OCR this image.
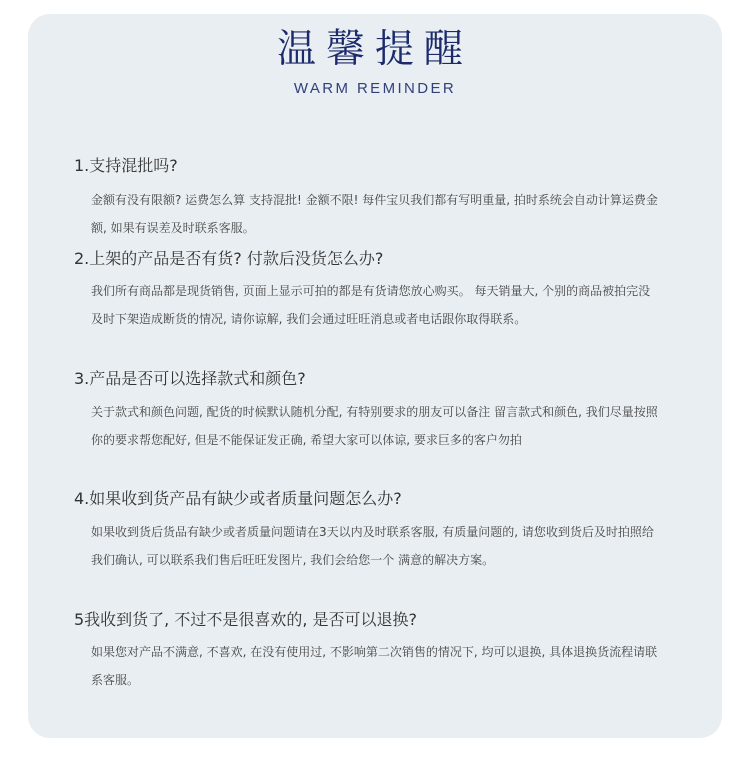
温馨提醒
WARM REMINDER
1.支持混批吗?
金额有没有限额? 运费怎么算 支持混批! 金额不限! 每件宝贝我们都有写明重量, 拍时系统会自动计算运费金额, 如果有误差及时联系客服。
2.上架的产品是否有货? 付款后没货怎么办?
我们所有商品都是现货销售, 页面上显示可拍的都是有货请您放心购买。 每天销量大, 个别的商品被拍完没及时下架造成断货的情况, 请你谅解, 我们会通过旺旺消息或者电话跟你取得联系。
3.产品是否可以选择款式和颜色?
关于款式和颜色问题, 配货的时候默认随机分配, 有特别要求的朋友可以备注 留言款式和颜色, 我们尽量按照你的要求帮您配好, 但是不能保证发正确, 希望大家可以体谅, 要求巨多的客户勿拍
4.如果收到货产品有缺少或者质量问题怎么办?
如果收到货后货品有缺少或者质量问题请在3天以内及时联系客服, 有质量问题的, 请您收到货后及时拍照给我们确认, 可以联系我们售后旺旺发图片, 我们会给您一个 满意的解决方案。
5我收到货了, 不过不是很喜欢的, 是否可以退换?
如果您对产品不满意, 不喜欢, 在没有使用过, 不影响第二次销售的情况下, 均可以退换, 具体退换货流程请联系客服。
